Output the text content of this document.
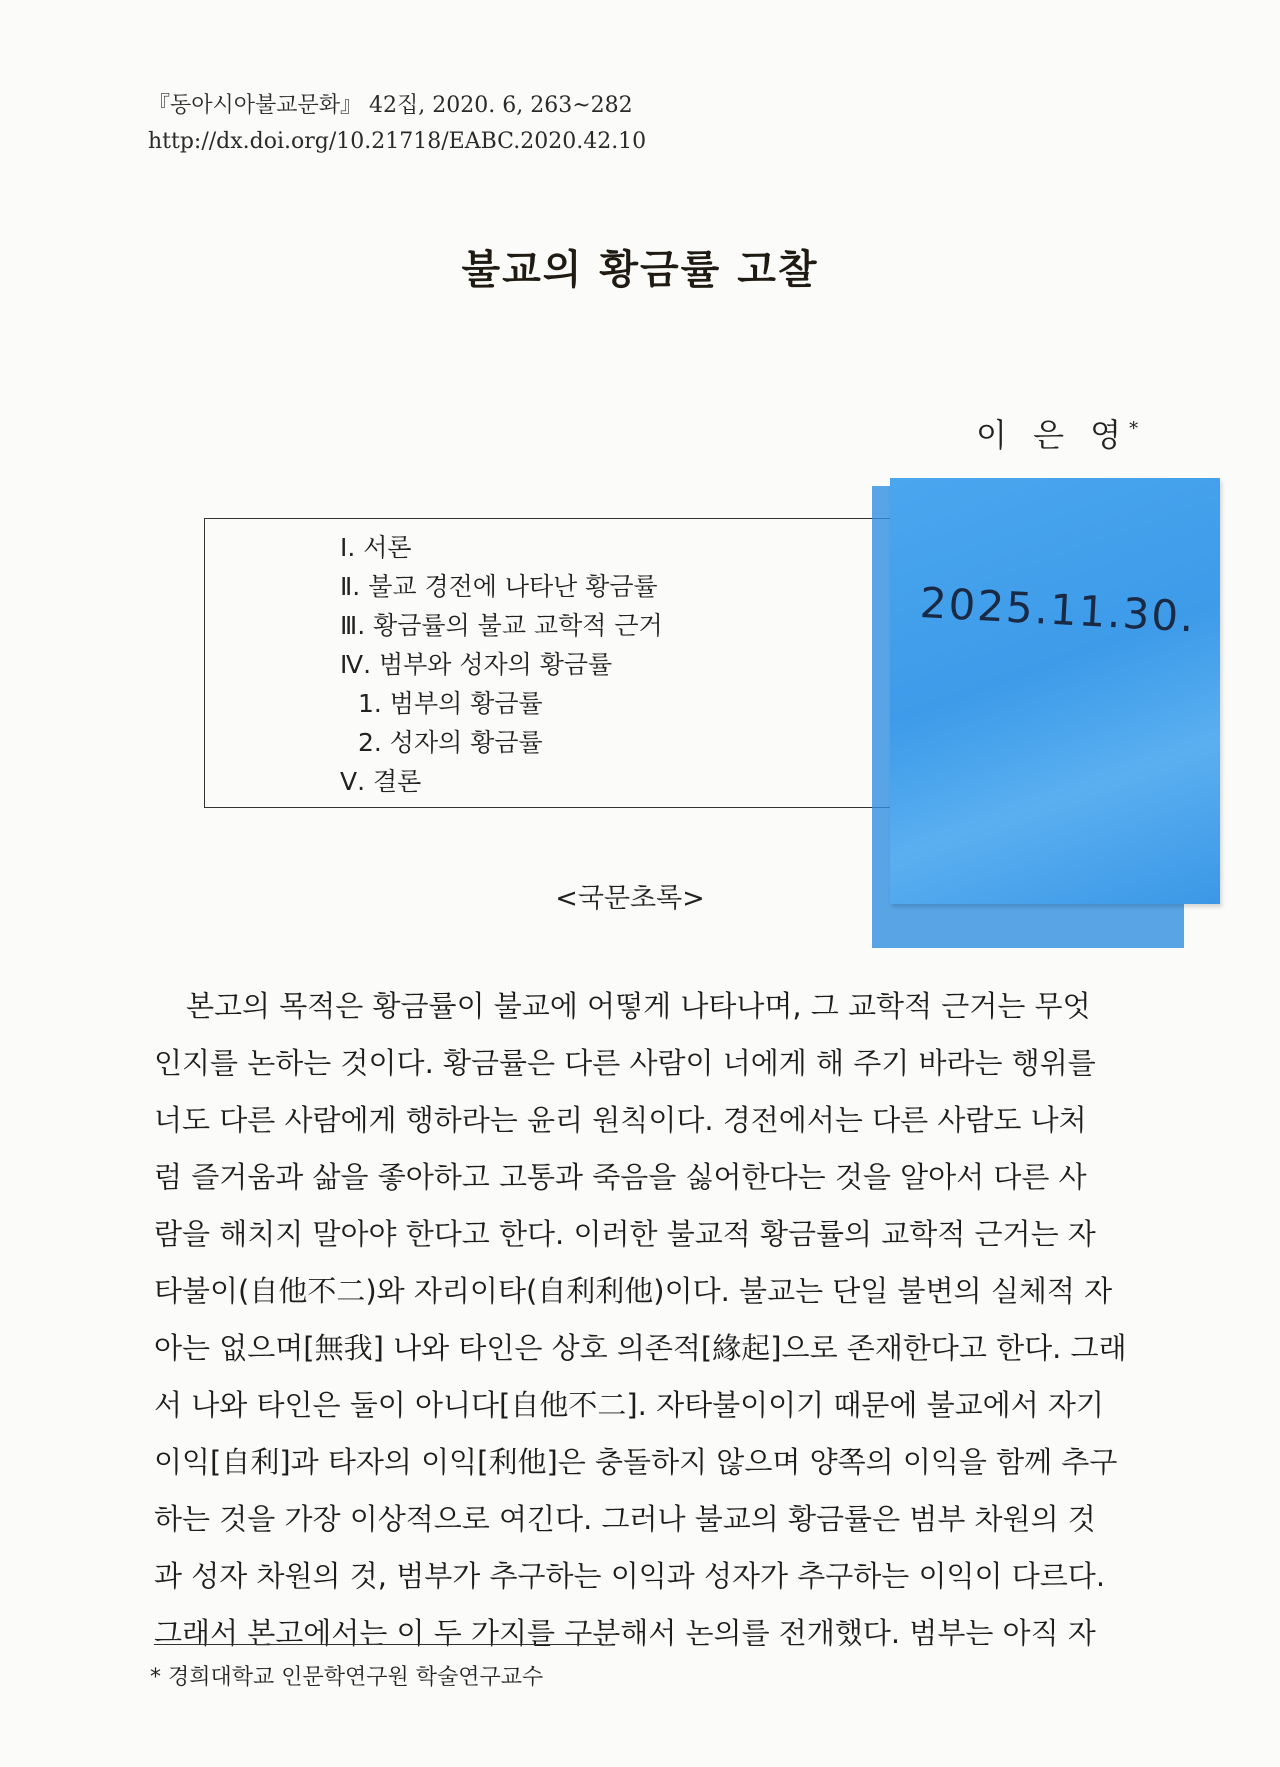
『동아시아불교문화』 42집, 2020. 6, 263~282
http://dx.doi.org/10.21718/EABC.2020.42.10
불교의 황금률 고찰
이 은 영*
Ⅰ. 서론
Ⅱ. 불교 경전에 나타난 황금률
Ⅲ. 황금률의 불교 교학적 근거
Ⅳ. 범부와 성자의 황금률
1. 범부의 황금률
2. 성자의 황금률
Ⅴ. 결론
2025.11.30.
<국문초록>
본고의 목적은 황금률이 불교에 어떻게 나타나며, 그 교학적 근거는 무엇
인지를 논하는 것이다. 황금률은 다른 사람이 너에게 해 주기 바라는 행위를
너도 다른 사람에게 행하라는 윤리 원칙이다. 경전에서는 다른 사람도 나처
럼 즐거움과 삶을 좋아하고 고통과 죽음을 싫어한다는 것을 알아서 다른 사
람을 해치지 말아야 한다고 한다. 이러한 불교적 황금률의 교학적 근거는 자
타불이(自他不二)와 자리이타(自利利他)이다. 불교는 단일 불변의 실체적 자
아는 없으며[無我] 나와 타인은 상호 의존적[緣起]으로 존재한다고 한다. 그래
서 나와 타인은 둘이 아니다[自他不二]. 자타불이이기 때문에 불교에서 자기
이익[自利]과 타자의 이익[利他]은 충돌하지 않으며 양쪽의 이익을 함께 추구
하는 것을 가장 이상적으로 여긴다. 그러나 불교의 황금률은 범부 차원의 것
과 성자 차원의 것, 범부가 추구하는 이익과 성자가 추구하는 이익이 다르다.
그래서 본고에서는 이 두 가지를 구분해서 논의를 전개했다. 범부는 아직 자
* 경희대학교 인문학연구원 학술연구교수
